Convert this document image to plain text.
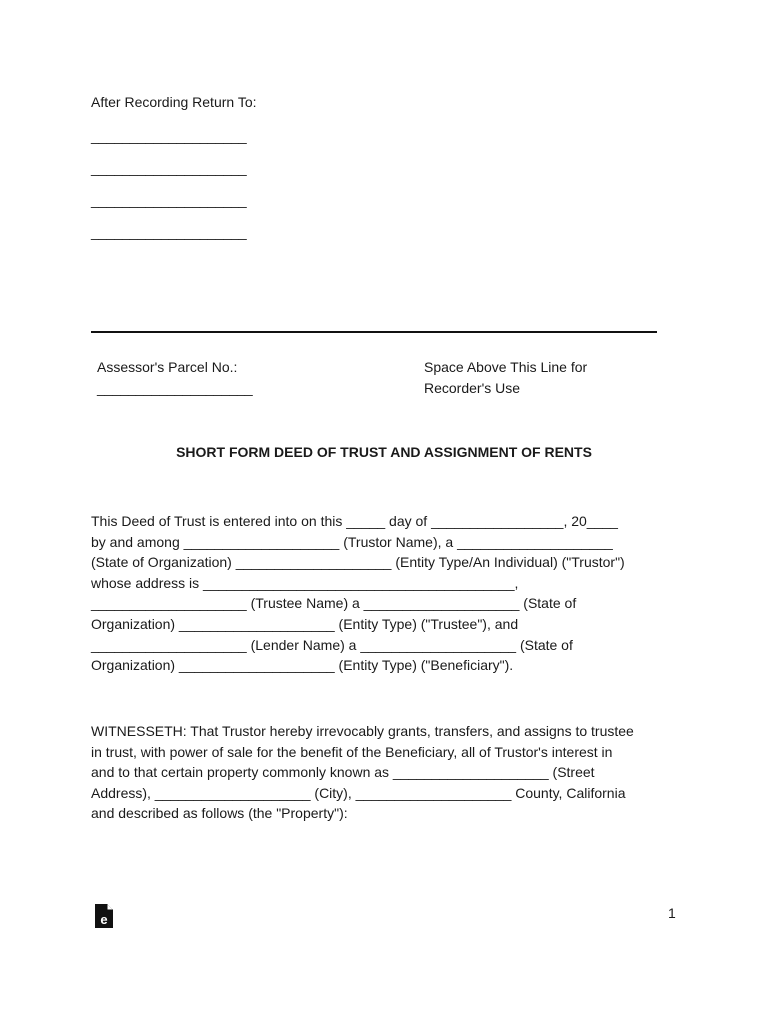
After Recording Return To:
____________________
____________________
____________________
____________________
Assessor's Parcel No.:
____________________
Space Above This Line for
Recorder's Use
SHORT FORM DEED OF TRUST AND ASSIGNMENT OF RENTS
This Deed of Trust is entered into on this _____ day of _________________, 20____
by and among ____________________ (Trustor Name), a ____________________
(State of Organization) ____________________ (Entity Type/An Individual) ("Trustor")
whose address is ________________________________________,
____________________ (Trustee Name) a ____________________ (State of
Organization) ____________________ (Entity Type) ("Trustee"), and
____________________ (Lender Name) a ____________________ (State of
Organization) ____________________ (Entity Type) ("Beneficiary").
WITNESSETH: That Trustor hereby irrevocably grants, transfers, and assigns to trustee
in trust, with power of sale for the benefit of the Beneficiary, all of Trustor's interest in
and to that certain property commonly known as ____________________ (Street
Address), ____________________ (City), ____________________ County, California
and described as follows (the "Property"):
e	1
